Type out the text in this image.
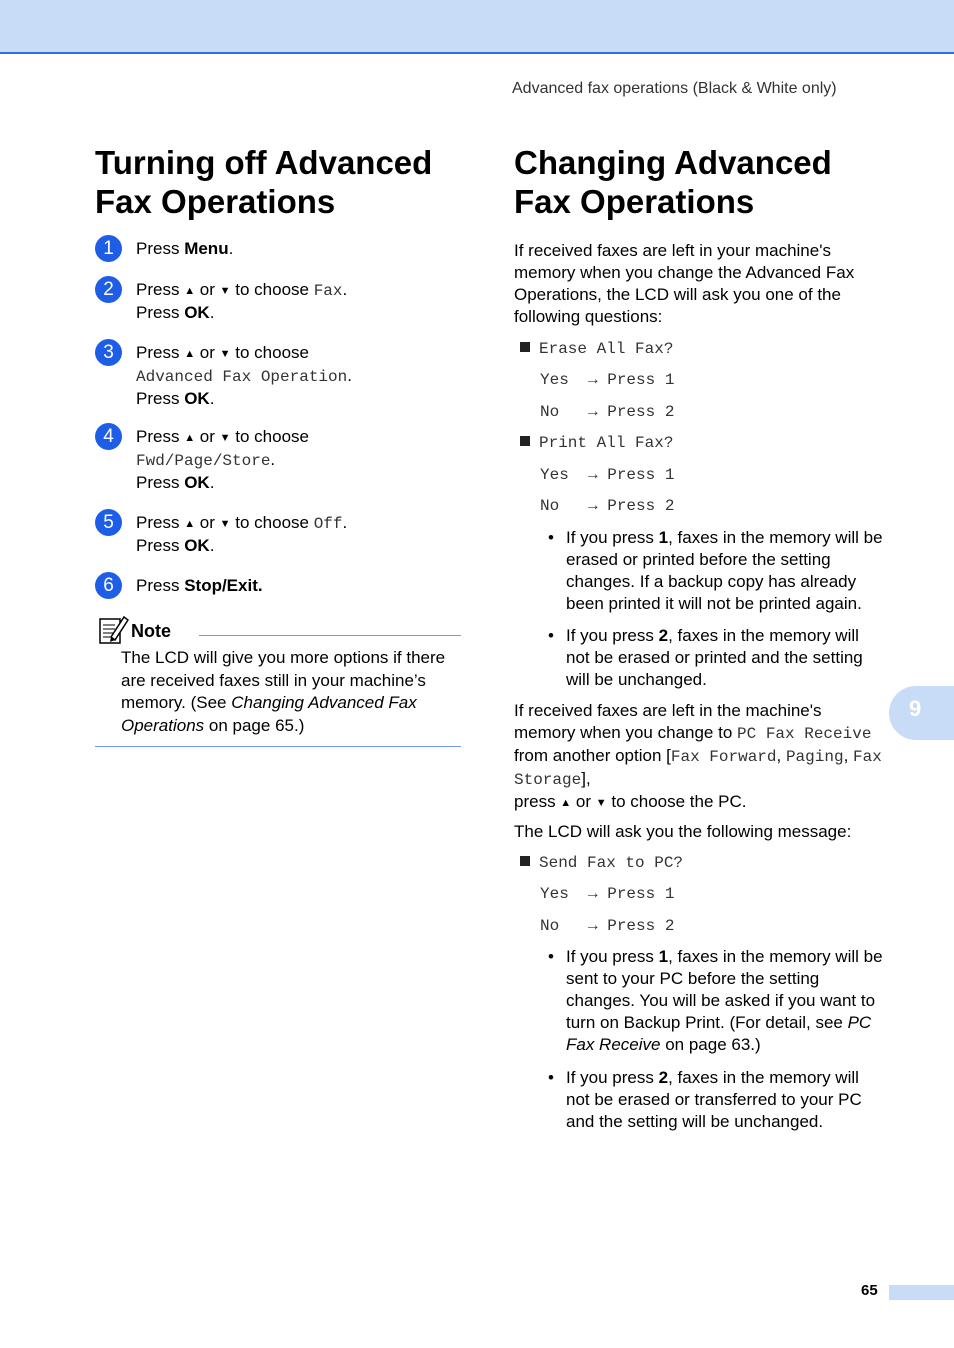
Advanced fax operations (Black & White only)
Turning off Advanced
Fax Operations
1	Press Menu.
2	Press ▲ or ▼ to choose Fax.
Press OK.
3	Press ▲ or ▼ to choose
Advanced Fax Operation.
Press OK.
4	Press ▲ or ▼ to choose
Fwd/Page/Store.
Press OK.
5	Press ▲ or ▼ to choose Off.
Press OK.
6	Press Stop/Exit.
Note
The LCD will give you more options if there are received faxes still in your machine’s memory. (See Changing Advanced Fax Operations on page 65.)
Changing Advanced
Fax Operations
If received faxes are left in your machine's memory when you change the Advanced Fax Operations, the LCD will ask you one of the following questions:
Erase All Fax?
Yes  → Press 1
No   → Press 2
Print All Fax?
Yes  → Press 1
No   → Press 2
• If you press 1, faxes in the memory will be erased or printed before the setting changes. If a backup copy has already been printed it will not be printed again.
• If you press 2, faxes in the memory will not be erased or printed and the setting will be unchanged.
If received faxes are left in the machine's memory when you change to PC Fax Receive from another option [Fax Forward, Paging, Fax Storage],
press ▲ or ▼ to choose the PC.
The LCD will ask you the following message:
Send Fax to PC?
Yes  → Press 1
No   → Press 2
• If you press 1, faxes in the memory will be sent to your PC before the setting changes. You will be asked if you want to turn on Backup Print. (For detail, see PC Fax Receive on page 63.)
• If you press 2, faxes in the memory will not be erased or transferred to your PC and the setting will be unchanged.
9
65
